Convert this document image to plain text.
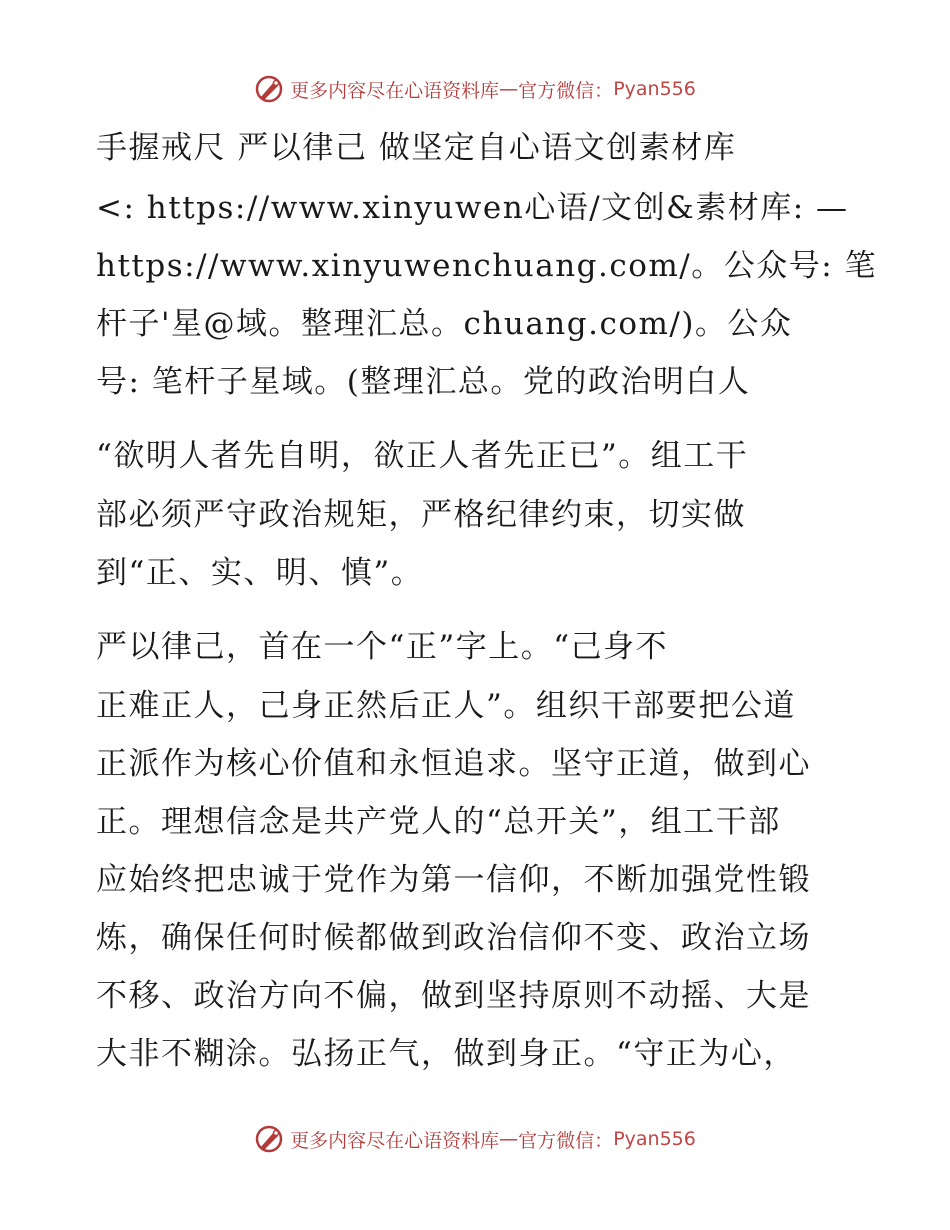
更多内容尽在心语资料库 — 官方微信： Pyan556
手握戒尺 严以律己 做坚定自心语文创素材库
<: https://www.xinyuwen心语/文创&素材库: —
https://www.xinyuwenchuang.com/。公众号: 笔
杆子'星@域。整理汇总。chuang.com/)。公众
号: 笔杆子星域。(整理汇总。党的政治明白人
“欲明人者先自明，欲正人者先正已”。组工干
部必须严守政治规矩，严格纪律约束，切实做
到“正、实、明、慎”。
严以律己，首在一个“正”字上。“己身不
正难正人，己身正然后正人”。组织干部要把公道
正派作为核心价值和永恒追求。坚守正道，做到心
正。理想信念是共产党人的“总开关”，组工干部
应始终把忠诚于党作为第一信仰，不断加强党性锻
炼，确保任何时候都做到政治信仰不变、政治立场
不移、政治方向不偏，做到坚持原则不动摇、大是
大非不糊涂。弘扬正气，做到身正。“守正为心，
更多内容尽在心语资料库 — 官方微信： Pyan556
